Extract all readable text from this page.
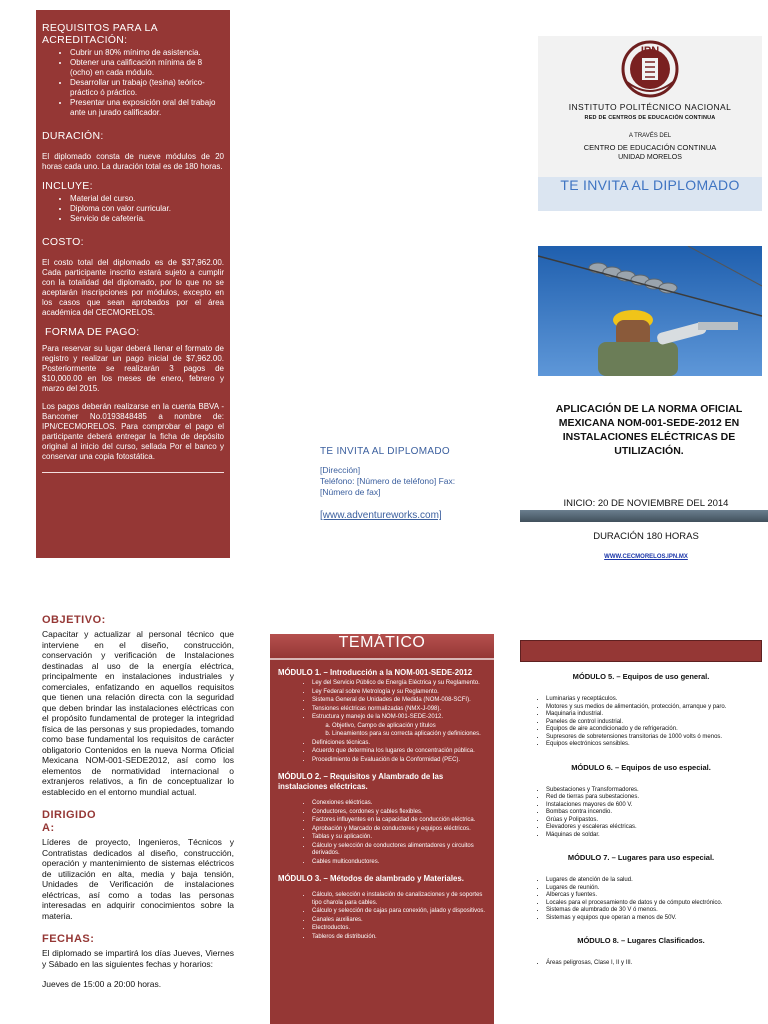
REQUISITOS PARA LA ACREDITACIÓN:
• Cubrir un 80% mínimo de asistencia.
• Obtener una calificación mínima de 8 (ocho) en cada módulo.
• Desarrollar un trabajo (tesina) teórico-práctico ó práctico.
• Presentar una exposición oral del trabajo ante un jurado calificador.
DURACIÓN:

El diplomado consta de nueve módulos de 20 horas cada uno. La duración total es de 180 horas.

INCLUYE:
• Material del curso.
• Diploma con valor curricular.
• Servicio de cafetería.
COSTO:

El costo total del diplomado es de $37,962.00. Cada participante inscrito estará sujeto a cumplir con la totalidad del diplomado, por lo que no se aceptarán inscripciones por módulos, excepto en los casos que sean aprobados por el área académica del CECMORELOS.

FORMA DE PAGO:

Para reservar su lugar deberá llenar el formato de registro y realizar un pago inicial de $7,962.00. Posteriormente se realizarán 3 pagos de $10,000.00 en los meses de enero, febrero y marzo del 2015.

Los pagos deberán realizarse en la cuenta BBVA - Bancomer No.0193848485 a nombre de: IPN/CECMORELOS. Para comprobar el pago el participante deberá entregar la ficha de depósito original al inicio del curso, sellada Por el banco y conservar una copia fotostática.	TE INVITA AL DIPLOMADO
[Dirección]
Teléfono: [Número de teléfono] Fax: [Número de fax]
[www.adventureworks.com]
IPN
INSTITUTO POLITÉCNICO NACIONAL
RED DE CENTROS DE EDUCACIÓN CONTINUA
A TRAVÉS DEL
CENTRO DE EDUCACIÓN CONTINUA
UNIDAD MORELOS
TE INVITA AL DIPLOMADO
APLICACIÓN DE LA NORMA OFICIAL MEXICANA NOM-001-SEDE-2012 EN INSTALACIONES ELÉCTRICAS DE UTILIZACIÓN.
INICIO: 20 DE NOVIEMBRE DEL 2014
DURACIÓN 180 HORAS
WWW.CECMORELOS.IPN.MX
OBJETIVO:

Capacitar y actualizar al personal técnico que interviene en el diseño, construcción, conservación y verificación de Instalaciones destinadas al uso de la energía eléctrica, principalmente en instalaciones industriales y comerciales, enfatizando en aquellos requisitos que tienen una relación directa con la seguridad que deben brindar las instalaciones eléctricas con el propósito fundamental de proteger la integridad física de las personas y sus propiedades, tomando como base fundamental los requisitos de carácter obligatorio Contenidos en la nueva Norma Oficial Mexicana NOM-001-SEDE2012, así como los elementos de normatividad internacional o extranjeros relativos, a fin de conceptualizar lo establecido en el entorno mundial actual.

DIRIGIDO A:

Líderes de proyecto, Ingenieros, Técnicos y Contratistas dedicados al diseño, construcción, operación y mantenimiento de sistemas eléctricos de utilización en alta, media y baja tensión, Unidades de Verificación de instalaciones eléctricas, así como a todas las personas interesadas en adquirir conocimientos sobre la materia.

FECHAS:

El diplomado se impartirá los días Jueves, Viernes y Sábado en las siguientes fechas y horarios:

Jueves de 15:00 a 20:00 horas.

TEMÁTICO
MÓDULO 1. – Introducción a la NOM-001-SEDE-2012
• Ley del Servicio Público de Energía Eléctrica y su Reglamento.
• Ley Federal sobre Metrología y su Reglamento.
• Sistema General de Unidades de Medida (NOM-008-SCFI).
• Tensiones eléctricas normalizadas (NMX-J-098).
• Estructura y manejo de la NOM-001-SEDE-2012.
a. Objetivo, Campo de aplicación y títulos
b. Lineamientos para su correcta aplicación y definiciones.
• Definiciones técnicas.
• Acuerdo que determina los lugares de concentración pública.
• Procedimiento de Evaluación de la Conformidad (PEC).
MÓDULO 2. – Requisitos y Alambrado de las instalaciones eléctricas.
• Conexiones eléctricas.
• Conductores, cordones y cables flexibles.
• Factores influyentes en la capacidad de conducción eléctrica.
• Aprobación y Marcado de conductores y equipos eléctricos.
• Tablas y su aplicación.
• Cálculo y selección de conductores alimentadores y circuitos derivados.
• Cables multiconductores.
MÓDULO 3. – Métodos de alambrado y Materiales.
• Cálculo, selección e instalación de canalizaciones y de soportes tipo charola para cables.
• Cálculo y selección de cajas para conexión, jalado y dispositivos.
• Canales auxiliares.
• Electroductos.
• Tableros de distribución.
MÓDULO 5. – Equipos de uso general.
• Luminarias y receptáculos.
• Motores y sus medios de alimentación, protección, arranque y paro.
• Maquinaria industrial.
• Paneles de control industrial.
• Equipos de aire acondicionado y de refrigeración.
• Supresores de sobretensiones transitorias de 1000 volts ó menos.
• Equipos electrónicos sensibles.
MÓDULO 6. – Equipos de uso especial.
• Subestaciones y Transformadores.
• Red de tierras para subestaciones.
• Instalaciones mayores de 600 V.
• Bombas contra incendio.
• Grúas y Polipastos.
• Elevadores y escaleras eléctricas.
• Máquinas de soldar.
MÓDULO 7. – Lugares para uso especial.
• Lugares de atención de la salud.
• Lugares de reunión.
• Albercas y fuentes.
• Locales para el procesamiento de datos y de cómputo electrónico.
• Sistemas de alumbrado de 30 V ó menos.
• Sistemas y equipos que operan a menos de 50V.
MÓDULO 8. – Lugares Clasificados.
• Áreas peligrosas, Clase I, II y III.
